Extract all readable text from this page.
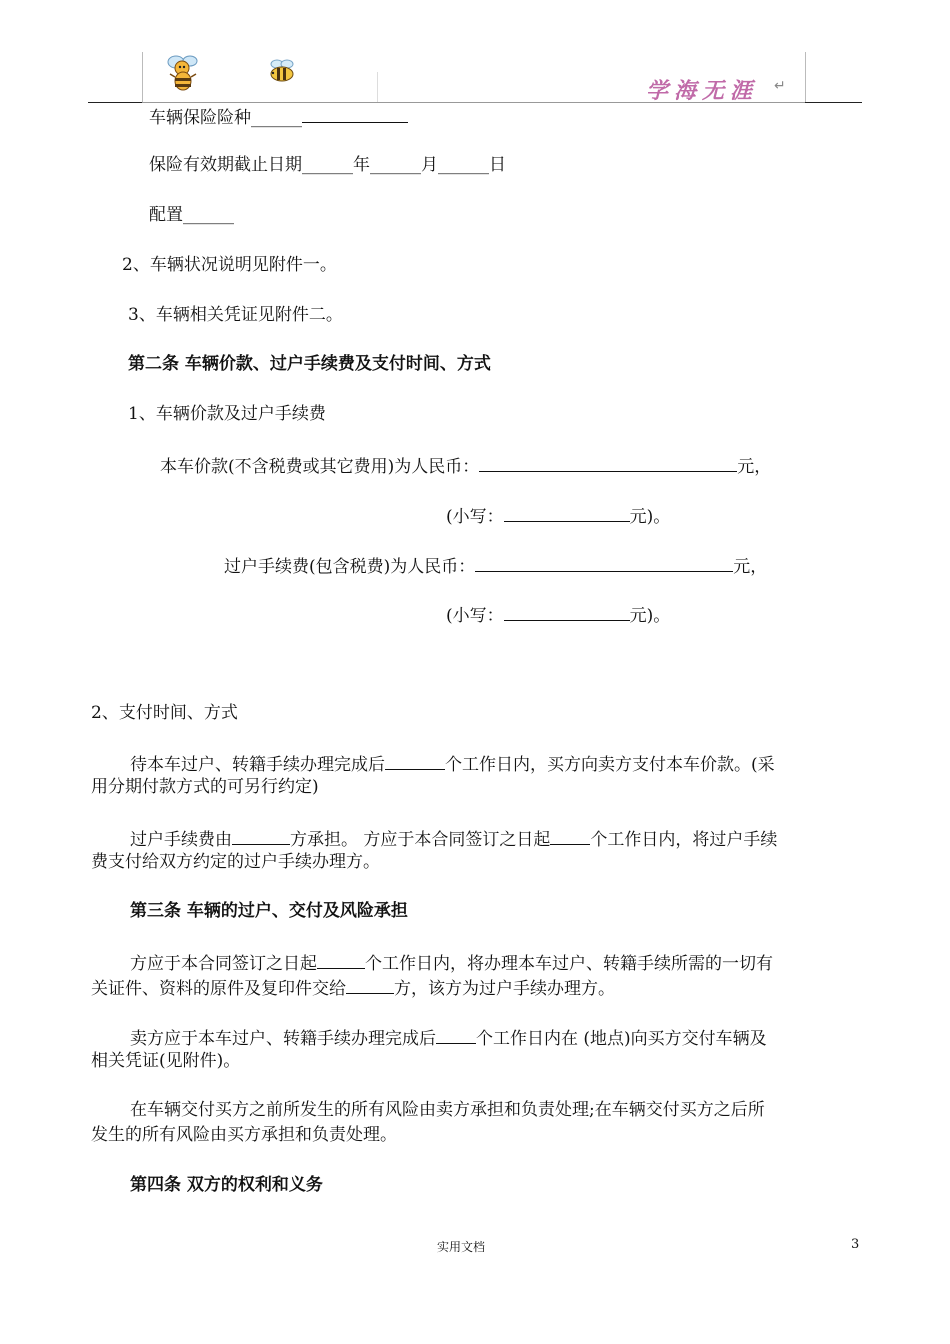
学海无涯 ↵
车辆保险险种______
保险有效期截止日期______年______月______日
配置______
2、车辆状况说明见附件一。
3、车辆相关凭证见附件二。
第二条 车辆价款、过户手续费及支付时间、方式
1、车辆价款及过户手续费
本车价款(不含税费或其它费用)为人民币：	元，
(小写：	元)。
过户手续费(包含税费)为人民币：	元，
(小写：	元)。
2、支付时间、方式
待本车过户、转籍手续办理完成后	个工作日内，买方向卖方支付本车价款。(采
用分期付款方式的可另行约定)
过户手续费由	方承担。 方应于本合同签订之日起 个工作日内，将过户手续
费支付给双方约定的过户手续办理方。
第三条 车辆的过户、交付及风险承担
方应于本合同签订之日起	个工作日内，将办理本车过户、转籍手续所需的一切有
关证件、资料的原件及复印件交给	方，该方为过户手续办理方。
卖方应于本车过户、转籍手续办理完成后 个工作日内在 (地点)向买方交付车辆及
相关凭证(见附件)。
在车辆交付买方之前所发生的所有风险由卖方承担和负责处理;在车辆交付买方之后所
发生的所有风险由买方承担和负责处理。
第四条 双方的权利和义务
实用文档	3
